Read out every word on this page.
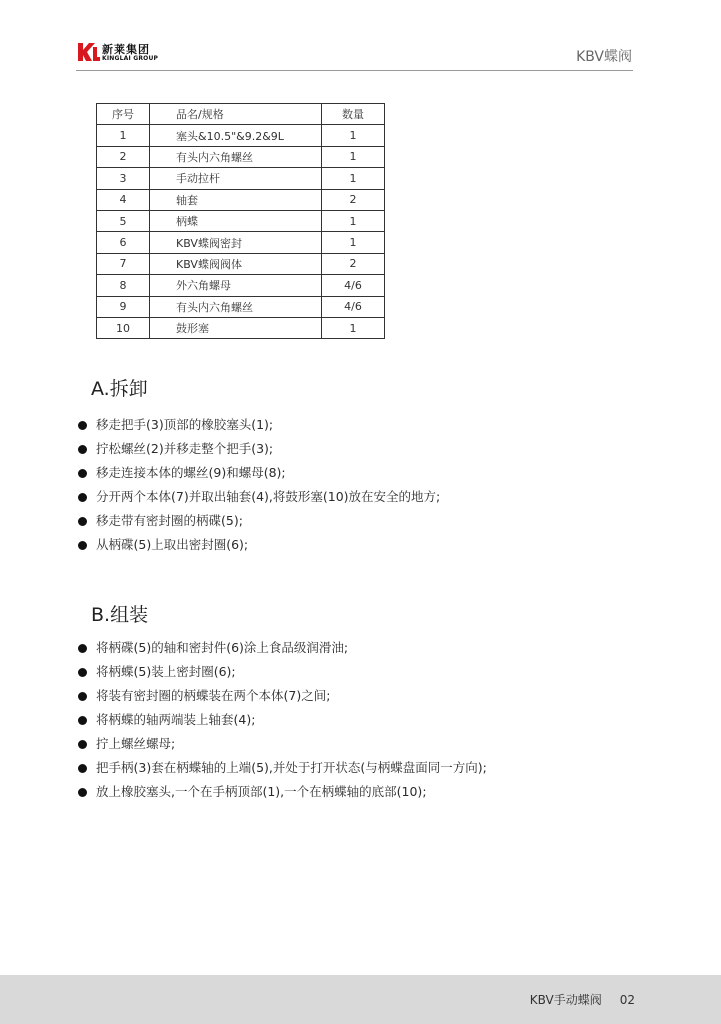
新莱集团
KINGLAI GROUP	KBV蝶阀
序号	品名/规格	数量
1	塞头&10.5"&9.2&9L	1
2	有头内六角螺丝	1
3	手动拉杆	1
4	轴套	2
5	柄蝶	1
6	KBV蝶阀密封	1
7	KBV蝶阀阀体	2
8	外六角螺母	4/6
9	有头内六角螺丝	4/6
10	鼓形塞	1
A.拆卸
移走把手(3)顶部的橡胶塞头(1);
拧松螺丝(2)并移走整个把手(3);
移走连接本体的螺丝(9)和螺母(8);
分开两个本体(7)并取出轴套(4),将鼓形塞(10)放在安全的地方;
移走带有密封圈的柄碟(5);
从柄碟(5)上取出密封圈(6);
B.组装
将柄碟(5)的轴和密封件(6)涂上食品级润滑油;
将柄蝶(5)装上密封圈(6);
将装有密封圈的柄蝶装在两个本体(7)之间;
将柄蝶的轴两端装上轴套(4);
拧上螺丝螺母;
把手柄(3)套在柄蝶轴的上端(5),并处于打开状态(与柄蝶盘面同一方向);
放上橡胶塞头,一个在手柄顶部(1),一个在柄蝶轴的底部(10);
KBV手动蝶阀 02
